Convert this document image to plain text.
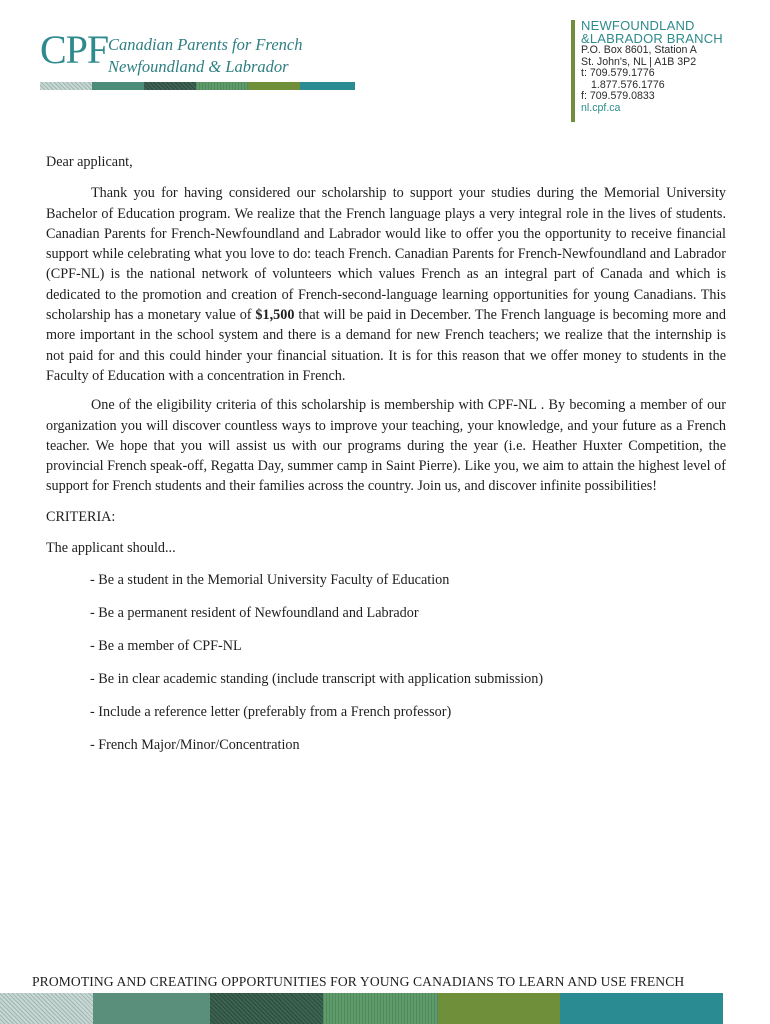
CPF Canadian Parents for French
Newfoundland & Labrador
NEWFOUNDLAND
&LABRADOR BRANCH
P.O. Box 8601, Station A
St. John's, NL | A1B 3P2
t: 709.579.1776
1.877.576.1776
f: 709.579.0833
nl.cpf.ca

Dear applicant,

Thank you for having considered our scholarship to support your studies during the Memorial University Bachelor of Education program. We realize that the French language plays a very integral role in the lives of students. Canadian Parents for French-Newfoundland and Labrador would like to offer you the opportunity to receive financial support while celebrating what you love to do: teach French. Canadian Parents for French-Newfoundland and Labrador (CPF-NL) is the national network of volunteers which values French as an integral part of Canada and which is dedicated to the promotion and creation of French-second-language learning opportunities for young Canadians. This scholarship has a monetary value of $1,500 that will be paid in December. The French language is becoming more and more important in the school system and there is a demand for new French teachers; we realize that the internship is not paid for and this could hinder your financial situation. It is for this reason that we offer money to students in the Faculty of Education with a concentration in French.

One of the eligibility criteria of this scholarship is membership with CPF-NL . By becoming a member of our organization you will discover countless ways to improve your teaching, your knowledge, and your future as a French teacher. We hope that you will assist us with our programs during the year (i.e. Heather Huxter Competition, the provincial French speak-off, Regatta Day, summer camp in Saint Pierre). Like you, we aim to attain the highest level of support for French students and their families across the country. Join us, and discover infinite possibilities!

CRITERIA:

The applicant should...

- Be a student in the Memorial University Faculty of Education
- Be a permanent resident of Newfoundland and Labrador
- Be a member of CPF-NL
- Be in clear academic standing (include transcript with application submission)
- Include a reference letter (preferably from a French professor)
- French Major/Minor/Concentration
PROMOTING AND CREATING OPPORTUNITIES FOR YOUNG CANADIANS TO LEARN AND USE FRENCH
